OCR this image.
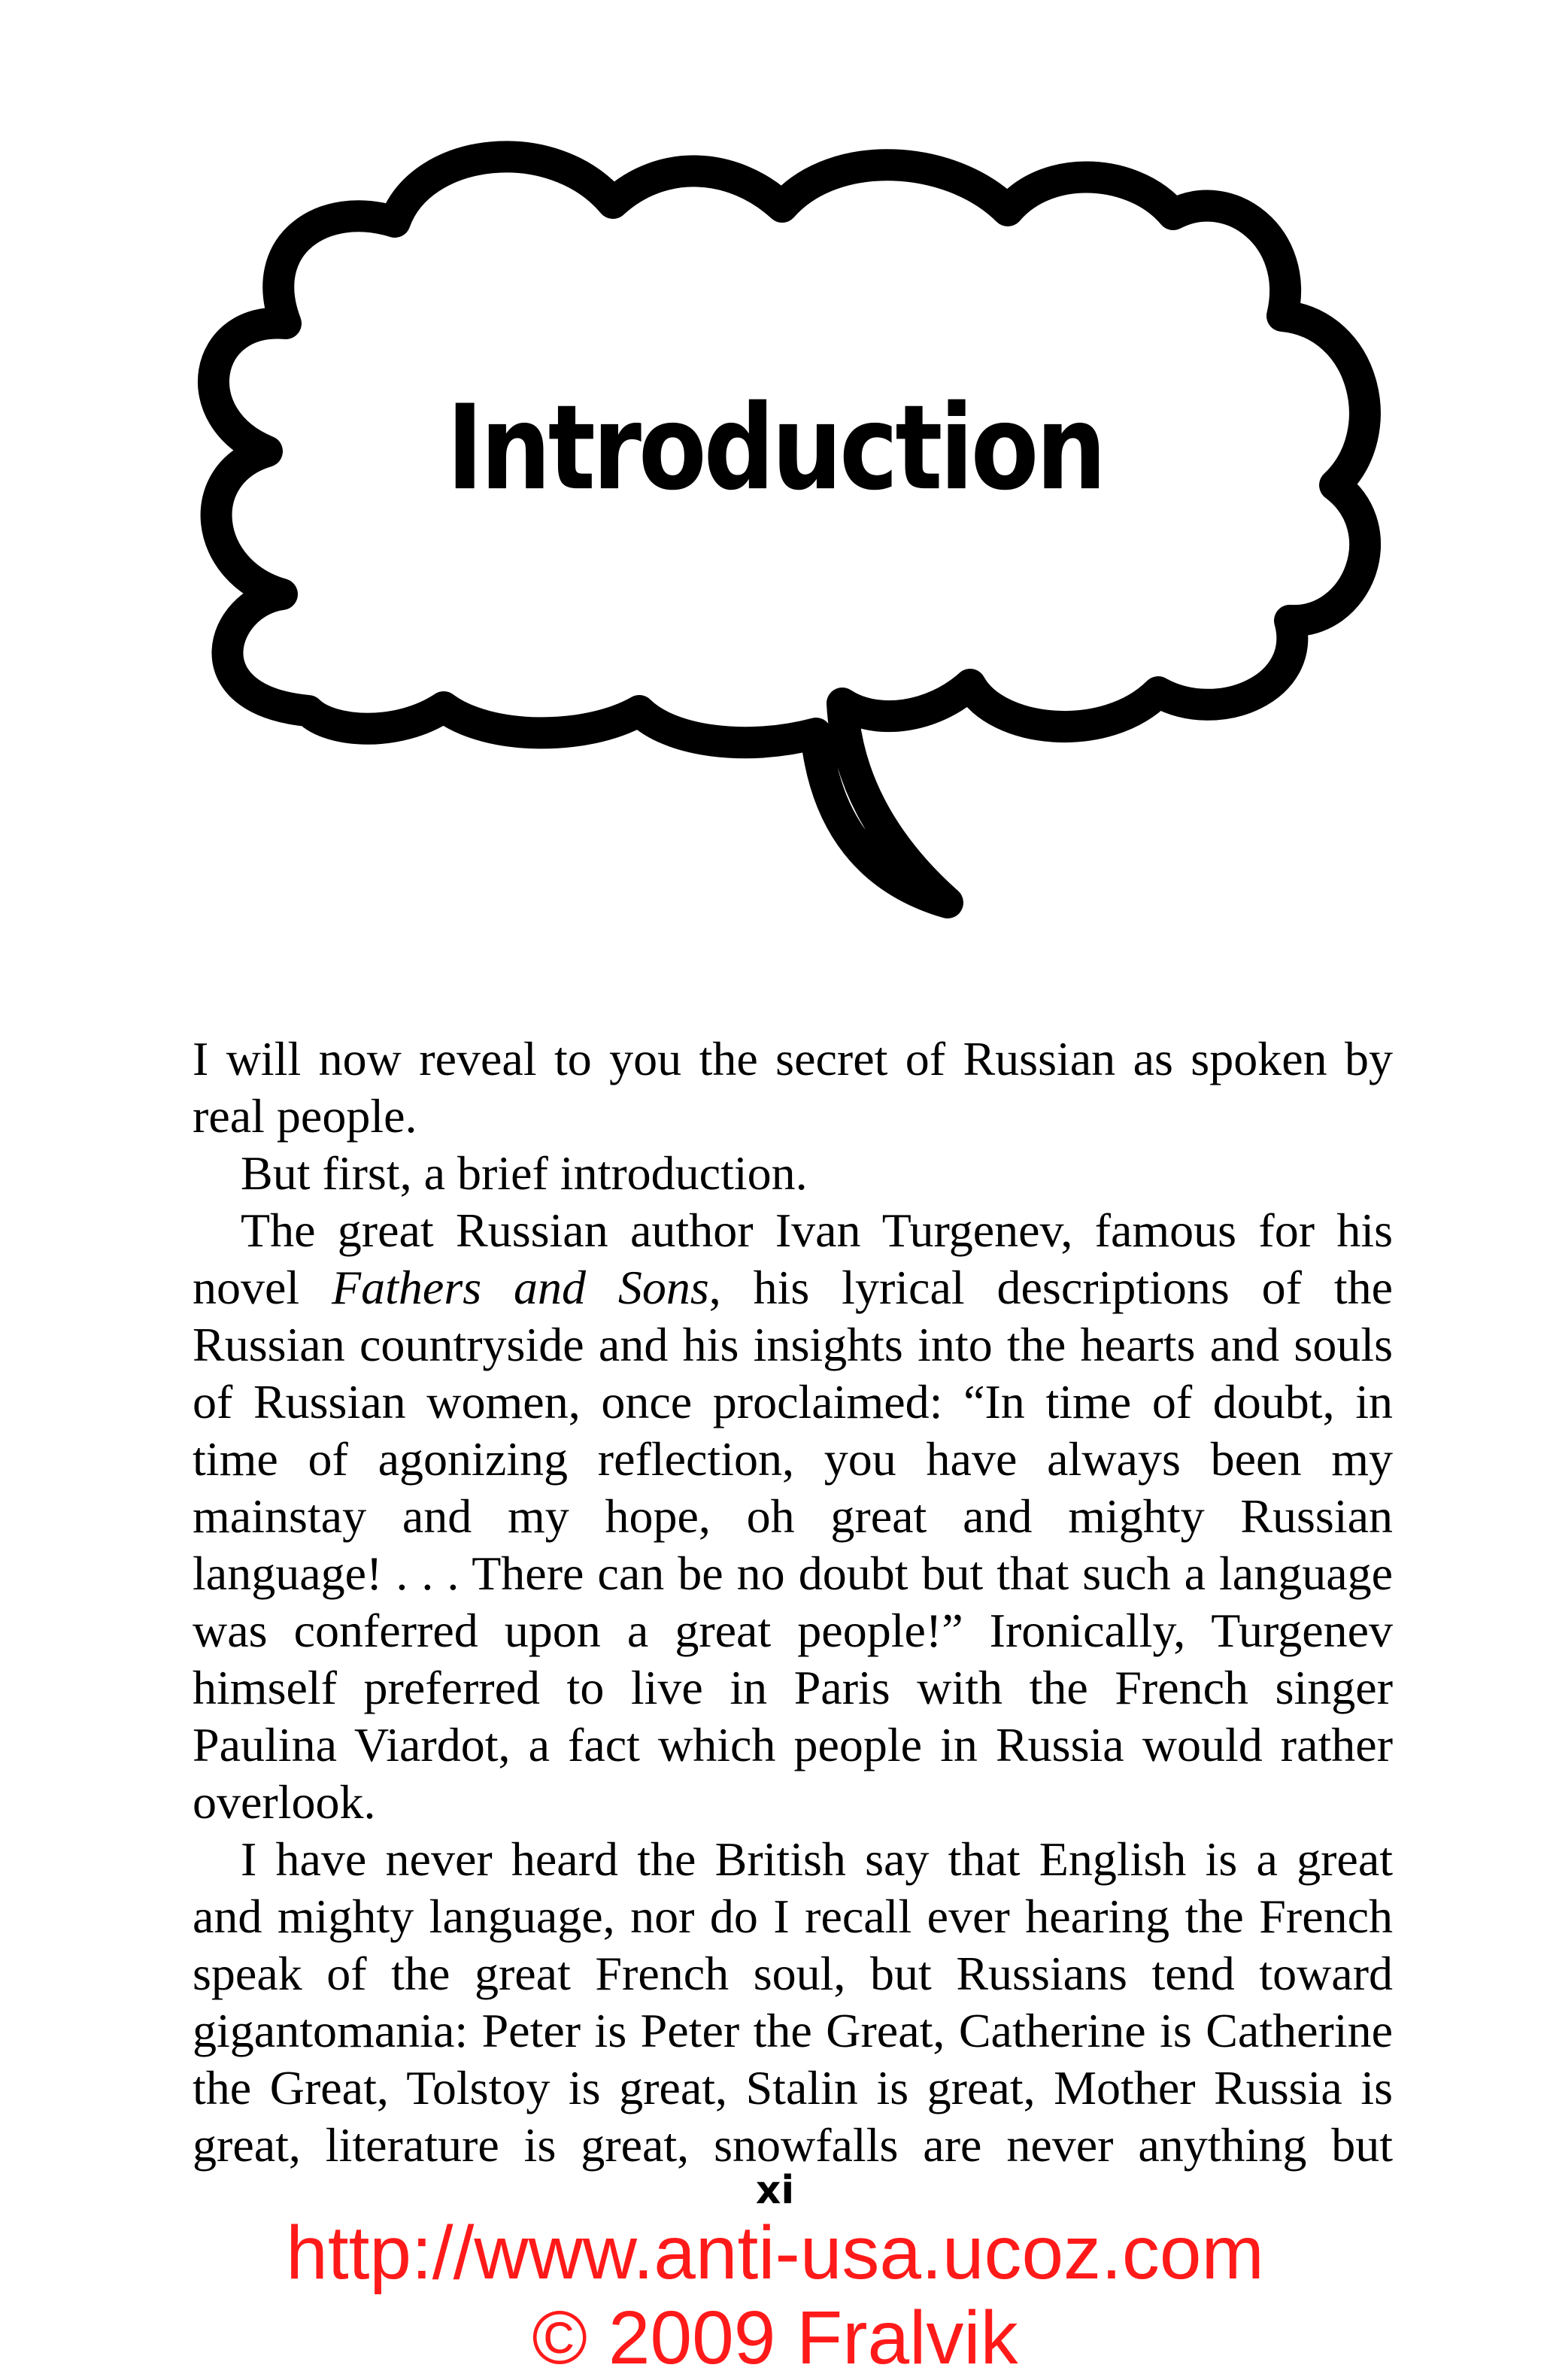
Introduction

I will now reveal to you the secret of Russian as spoken by real people.

But first, a brief introduction.

The great Russian author Ivan Turgenev, famous for his novel Fathers and Sons, his lyrical descriptions of the Russian countryside and his insights into the hearts and souls of Russian women, once proclaimed: “In time of doubt, in time of agonizing reflection, you have always been my mainstay and my hope, oh great and mighty Russian language! . . . There can be no doubt but that such a language was conferred upon a great people!” Ironically, Turgenev himself preferred to live in Paris with the French singer Paulina Viardot, a fact which people in Russia would rather overlook.

I have never heard the British say that English is a great and mighty language, nor do I recall ever hearing the French speak of the great French soul, but Russians tend toward gigantomania: Peter is Peter the Great, Catherine is Catherine the Great, Tolstoy is great, Stalin is great, Mother Russia is great, literature is great, snowfalls are never anything but

xi
http://www.anti-usa.ucoz.com
© 2009 Fralvik
